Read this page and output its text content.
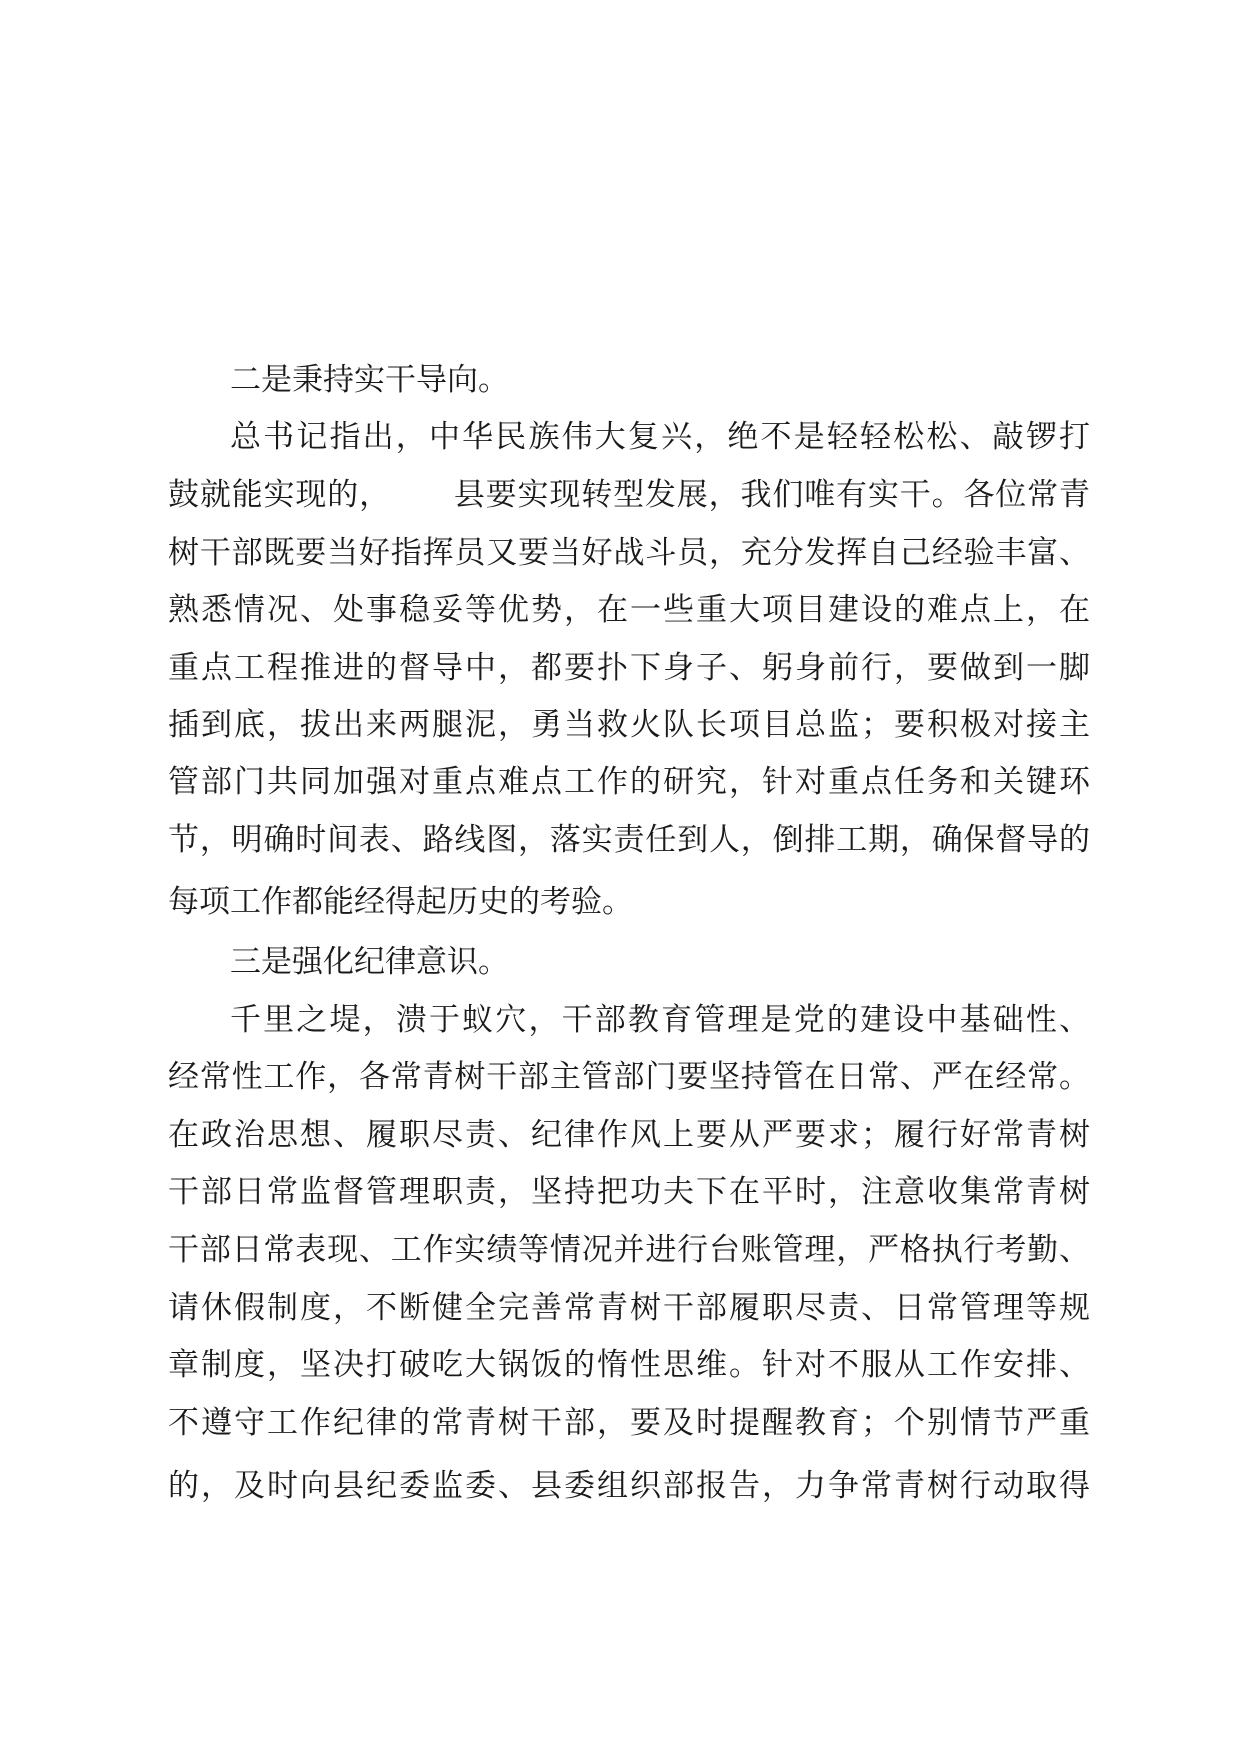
二是秉持实干导向。
总书记指出，中华民族伟大复兴，绝不是轻轻松松、敲锣打
鼓就能实现的， 县要实现转型发展，我们唯有实干。各位常青
树干部既要当好指挥员又要当好战斗员，充分发挥自己经验丰富、
熟悉情况、处事稳妥等优势，在一些重大项目建设的难点上，在
重点工程推进的督导中，都要扑下身子、躬身前行，要做到一脚
插到底，拔出来两腿泥，勇当救火队长项目总监；要积极对接主
管部门共同加强对重点难点工作的研究，针对重点任务和关键环
节，明确时间表、路线图，落实责任到人，倒排工期，确保督导的
每项工作都能经得起历史的考验。
三是强化纪律意识。
千里之堤，溃于蚁穴，干部教育管理是党的建设中基础性、
经常性工作，各常青树干部主管部门要坚持管在日常、严在经常。
在政治思想、履职尽责、纪律作风上要从严要求；履行好常青树
干部日常监督管理职责，坚持把功夫下在平时，注意收集常青树
干部日常表现、工作实绩等情况并进行台账管理，严格执行考勤、
请休假制度，不断健全完善常青树干部履职尽责、日常管理等规
章制度，坚决打破吃大锅饭的惰性思维。针对不服从工作安排、
不遵守工作纪律的常青树干部，要及时提醒教育；个别情节严重
的，及时向县纪委监委、县委组织部报告，力争常青树行动取得
